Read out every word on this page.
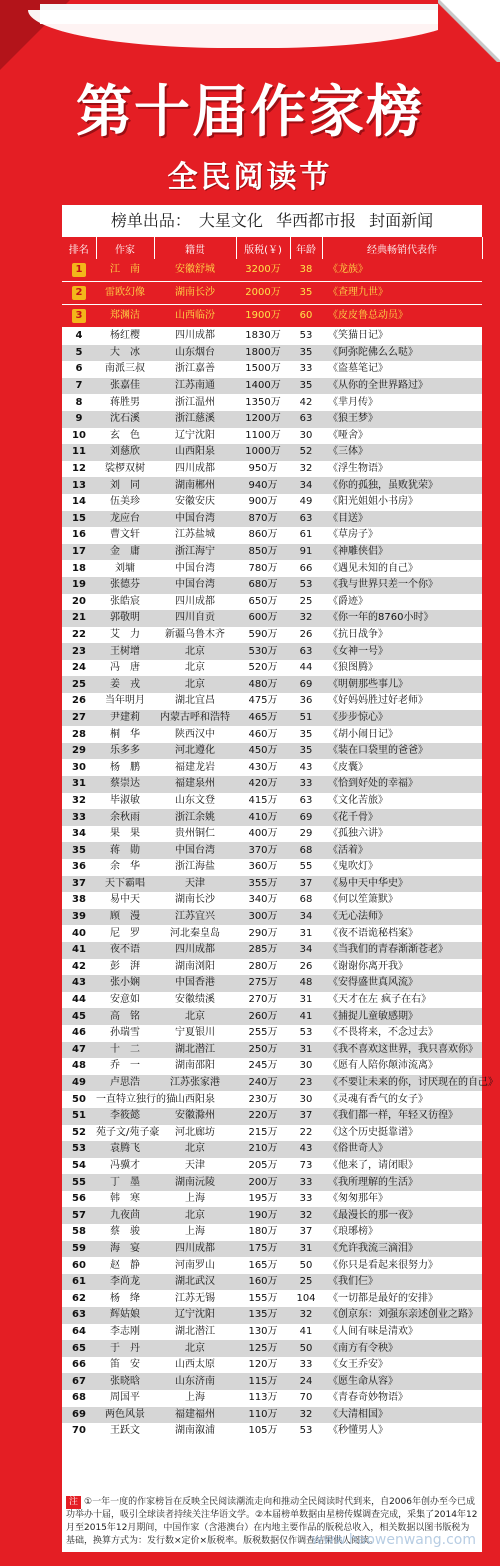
第十届作家榜
全民阅读节
榜单出品： 大星文化 华西都市报 封面新闻
排名	作家	籍贯	版税(￥)	年龄	经典畅销代表作
1	江　南	安徽舒城	3200万	38	《龙族》
2	雷欧幻像	湖南长沙	2000万	35	《查理九世》
3	郑渊洁	山西临汾	1900万	60	《皮皮鲁总动员》
4	杨红樱	四川成都	1830万	53	《笑猫日记》
5	大　冰	山东烟台	1800万	35	《阿弥陀佛么么哒》
6	南派三叔	浙江嘉善	1500万	33	《盗墓笔记》
7	张嘉佳	江苏南通	1400万	35	《从你的全世界路过》
8	蒋胜男	浙江温州	1350万	42	《芈月传》
9	沈石溪	浙江慈溪	1200万	63	《狼王梦》
10	玄　色	辽宁沈阳	1100万	30	《哑舍》
11	刘慈欣	山西阳泉	1000万	52	《三体》
12	裟椤双树	四川成都	950万	32	《浮生物语》
13	刘　同	湖南郴州	940万	34	《你的孤独，虽败犹荣》
14	伍美珍	安徽安庆	900万	49	《阳光姐姐小书房》
15	龙应台	中国台湾	870万	63	《目送》
16	曹文轩	江苏盐城	860万	61	《草房子》
17	金　庸	浙江海宁	850万	91	《神雕侠侣》
18	刘墉	中国台湾	780万	66	《遇见未知的自己》
19	张德芬	中国台湾	680万	53	《我与世界只差一个你》
20	张皓宸	四川成都	650万	25	《爵迹》
21	郭敬明	四川自贡	600万	32	《你一年的8760小时》
22	艾　力	新疆乌鲁木齐	590万	26	《抗日战争》
23	王树增	北京	530万	63	《女神一号》
24	冯　唐	北京	520万	44	《狼图腾》
25	姜　戎	北京	480万	69	《明朝那些事儿》
26	当年明月	湖北宜昌	475万	36	《好妈妈胜过好老师》
27	尹建莉	内蒙古呼和浩特	465万	51	《步步惊心》
28	桐　华	陕西汉中	460万	35	《胡小闹日记》
29	乐多多	河北遵化	450万	35	《装在口袋里的爸爸》
30	杨　鹏	福建龙岩	430万	43	《皮囊》
31	蔡崇达	福建泉州	420万	33	《恰到好处的幸福》
32	毕淑敏	山东文登	415万	63	《文化苦旅》
33	余秋雨	浙江余姚	410万	69	《花千骨》
34	果　果	贵州铜仁	400万	29	《孤独六讲》
35	蒋　勋	中国台湾	370万	68	《活着》
36	余　华	浙江海盐	360万	55	《鬼吹灯》
37	天下霸唱	天津	355万	37	《易中天中华史》
38	易中天	湖南长沙	340万	68	《何以笙箫默》
39	顾　漫	江苏宜兴	300万	34	《无心法师》
40	尼　罗	河北秦皇岛	290万	31	《夜不语诡秘档案》
41	夜不语	四川成都	285万	34	《当我们的青春渐渐苍老》
42	彭　湃	湖南浏阳	280万	26	《谢谢你离开我》
43	张小娴	中国香港	275万	48	《安得盛世真风流》
44	安意如	安徽绩溪	270万	31	《天才在左 疯子在右》
45	高　铭	北京	260万	41	《捕捉儿童敏感期》
46	孙瑞雪	宁夏银川	255万	53	《不畏将来，不念过去》
47	十　二	湖北潜江	250万	31	《我不喜欢这世界，我只喜欢你》
48	乔　一	湖南邵阳	245万	30	《愿有人陪你颠沛流离》
49	卢思浩	江苏张家港	240万	23	《不要让未来的你，讨厌现在的自己》
50	一直特立独行的猫	山西阳泉	230万	30	《灵魂有香气的女子》
51	李筱懿	安徽滁州	220万	37	《我们都一样，年轻又彷徨》
52	苑子文/苑子豪	河北廊坊	215万	22	《这个历史挺靠谱》
53	袁腾飞	北京	210万	43	《俗世奇人》
54	冯骥才	天津	205万	73	《他来了，请闭眼》
55	丁　墨	湖南沅陵	200万	33	《我所理解的生活》
56	韩　寒	上海	195万	33	《匆匆那年》
57	九夜茴	北京	190万	32	《最漫长的那一夜》
58	蔡　骏	上海	180万	37	《琅琊榜》
59	海　宴	四川成都	175万	31	《允许我流三滴泪》
60	赵　静	河南罗山	165万	50	《你只是看起来很努力》
61	李尚龙	湖北武汉	160万	25	《我们仨》
62	杨　绛	江苏无锡	155万	104	《一切都是最好的安排》
63	辉姑娘	辽宁沈阳	135万	32	《创京东：刘强东亲述创业之路》
64	李志刚	湖北潜江	130万	41	《人间有味是清欢》
65	于　丹	北京	125万	50	《南方有令秧》
66	笛　安	山西太原	120万	33	《女王乔安》
67	张晓晗	山东济南	115万	24	《愿生命从容》
68	周国平	上海	113万	70	《青春奇妙物语》
69	两色风景	福建福州	110万	32	《大清相国》
70	王跃文	湖南溆浦	105万	53	《秒懂男人》
注 ①一年一度的作家榜旨在反映全民阅读潮流走向和推动全民阅读时代到来，自2006年创办至今已成功举办十届，吸引全球读者持续关注华语文学。②本届榜单数据由星榜传媒调查完成，采集了2014年12月至2015年12月期间，中国作家（含港澳台）在内地主要作品的版税总收入，相关数据以图书版税为基础，换算方式为：发行数×定价×版税率。版税数据仅作调查结果供人阅读。
www.haowenwang.com
